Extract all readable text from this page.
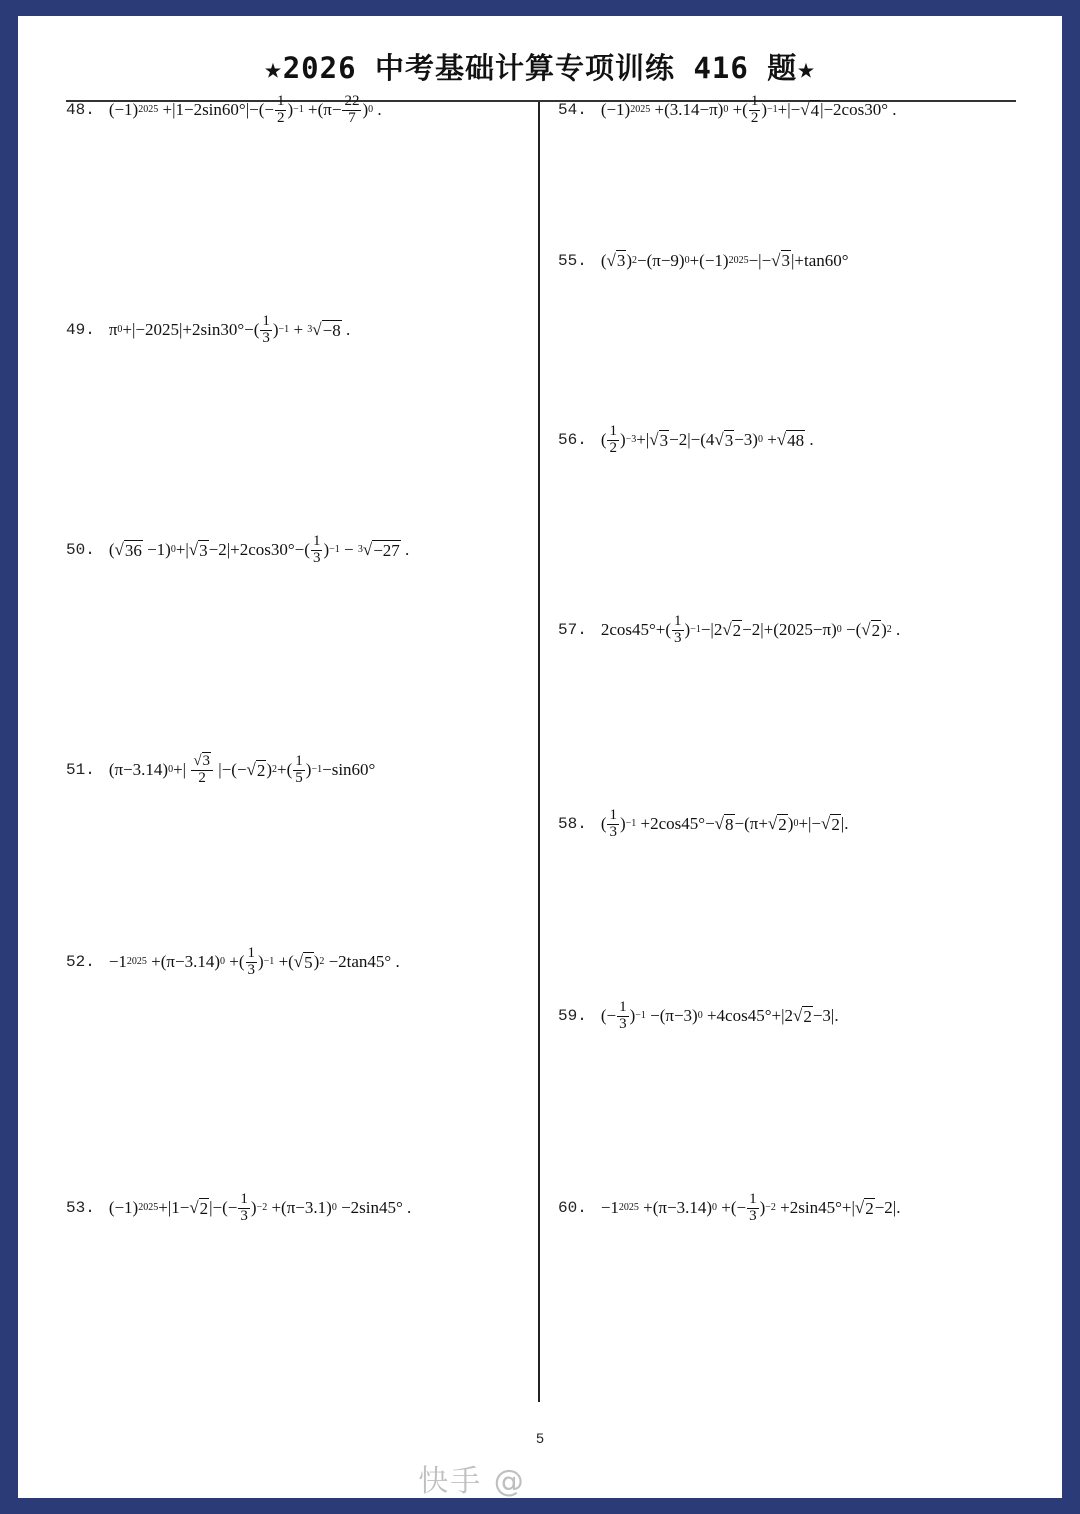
★2026 中考基础计算专项训练 416 题★
48. (−1) $2025 +|1-2\sin 60^\circ|-(- \frac{1}{2}$ ) $-1 +(\pi- \frac{22}{7}$ ) 0 .
49. π $0 +|-2025|+2\sin 30^\circ-( \frac{1}{3}$ ) −1 + 3 √ −8 .
50. (√ 36 −1) 0 +|√ $3 -2|+2\cos 30^\circ-( \frac{1}{3}$ ) −1 − 3 √ −27 .
51. (π−3.14) 0 +| $\frac{√3}{2}$ |−(−√ 2 ) 2 +( $\frac{1}{5}$ ) −1 −sin60°
52. −1 2025 +(π−3.14) 0 +( $\frac{1}{3}$ ) −1 +(√ 5 ) 2 −2tan45° .
53. (−1) 2025 +|1−√ 2 |−(− $\frac{1}{3}$ ) −2 +(π−3.1) 0 −2sin45° .
54. (−1) 2025 +(3.14−π) 0 +( $\frac{1}{2}$ ) −1 +|−√ 4 |−2cos30° .
55. (√ 3 ) 2 −(π−9) 0 +(−1) 2025 −|−√ 3 |+tan60°
56. ( $\frac{1}{2}$ ) −3 +|√ 3 −2|−(4√ 3 −3) 0 +√ 48 .
57. $2\cos 45^\circ+( \frac{1}{3}$ ) −1 −|2√ 2 −2|+(2025−π) 0 −(√ 2 ) 2 .
58. ( $\frac{1}{3}$ ) −1 +2cos45°−√ 8 −(π+√ 2 ) 0 +|−√ 2 |.
59. (− $\frac{1}{3}$ ) −1 −(π−3) 0 +4cos45°+|2√ 2 −3|.
60. −1 2025 +(π−3.14) 0 +(− $\frac{1}{3}$ ) −2 +2sin45°+|√ 2 −2|.
5
快手 @
